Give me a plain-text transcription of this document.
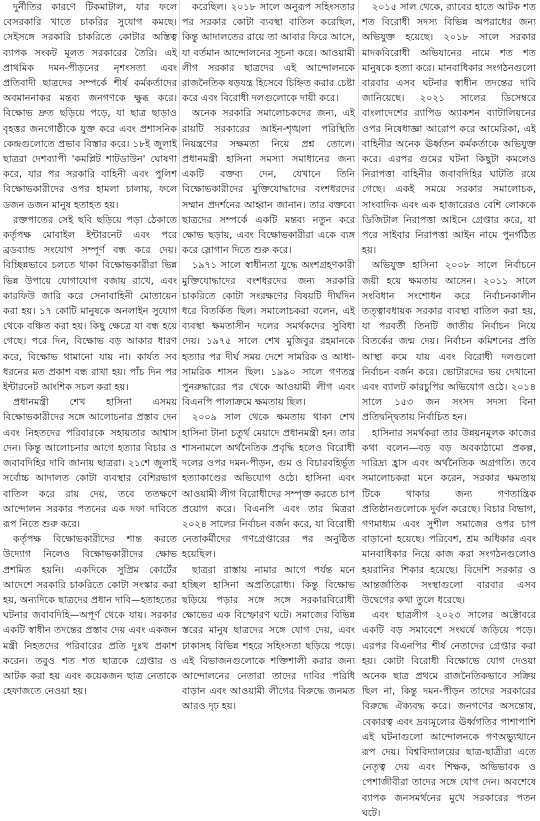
দুর্নীতির কারণে টিকমাটাল, যার ফলে বেসরকারি খাতে চাকরির সুযোগ কমছে। সেইসঙ্গে সরকারি চাকরিতে কোটার অস্তিত্ব ব্যাপক সংকট মূলত সরকারের তৈরি। এই প্রাথমিক দমন-পীড়নের নৃশংসতা এবং প্রতিবাদী ছাত্রদের সম্পর্কে শীর্ষ কর্মকর্তাদের অবমাননাকর মন্তব্য জনগণকে ক্ষুব্ধ করে। বিক্ষোভ দ্রুত ছড়িয়ে পড়ে, যা ছাত্র ছাড়াও বৃহত্তর জনগোষ্ঠীকে যুক্ত করে এবং প্রশাসনিক কেন্দ্রগুলোতে প্রভাব বিস্তার করে। ১৮ই জুলাই ছাত্ররা দেশব্যাপী 'কমপ্লিট শাটডাউন' ঘোষণা করে, যার পর সরকারি বাহিনী এবং পুলিশ বিক্ষোভকারীদের ওপর হামলা চালায়, ফলে ডজন ডজন মানুষ হতাহত হয়।

রক্তপাতের সেই ছবি ছড়িয়ে পড়া ঠেকাতে কর্তৃপক্ষ মোবাইল ইন্টারনেট এবং পরে ব্রডব্যান্ড সংযোগ সম্পূর্ণ বন্ধ করে দেয়। বিচ্ছিন্নভাবে চলতে থাকা বিক্ষোভকারীরা ভিন্ন ভিন্ন উপায়ে যোগাযোগ বজায় রাখে, এবং কারফিউ জারি করে সেনাবাহিনী মোতায়েন করা হয়। ১৭ কোটি মানুষকে অনলাইন সুযোগ থেকে বঞ্চিত করা হয়। কিছু ক্ষেত্রে যা বন্ধ হয়ে গেছে। পরে দিন, বিক্ষোভ বড় আকার ধারণ করে, বিক্ষোভ থামানো যায় না। কার্যত সব ধরনের মত প্রকাশ বন্ধ রাখা হয়। পাঁচ দিন পর ইন্টারনেট আংশিক সচল করা হয়।

প্রধানমন্ত্রী শেখ হাসিনা এসময় বিক্ষোভকারীদের সঙ্গে আলোচনার প্রস্তাব দেন এবং নিহতদের পরিবারকে সহায়তার আশ্বাস দেন। কিন্তু আলোচনার আগে হত্যার বিচার ও জবাবদিহির দাবি জানায় ছাত্ররা। ২১শে জুলাই সর্বোচ্চ আদালত কোটা ব্যবস্থার বেশিরভাগ বাতিল করে রায় দেয়, তবে ততক্ষণে আন্দোলন সরকার পতনের এক দফা দাবিতে রূপ নিতে শুরু করে।

কর্তৃপক্ষ বিক্ষোভকারীদের শান্ত করতে উদ্যোগ নিলেও বিক্ষোভকারীদের ক্ষোভ প্রশমিত হয়নি। একদিকে সুপ্রিম কোর্টের আদেশে সরকারি চাকরিতে কোটা সংস্কার করা হয়, অন্যদিকে ছাত্রদের প্রধান দাবি—হতাহতের ঘটনার জবাবদিহি—অপূর্ণ থেকে যায়। সরকার একটি স্বাধীন তদন্তের প্রস্তাব দেয় এবং একজন মন্ত্রী নিহতদের পরিবারের প্রতি দুঃখ প্রকাশ করেন। তবুও শত শত ছাত্রকে গ্রেপ্তার ও আটক করা হয় এবং কয়েকজন ছাত্র নেতাকে হেফাজতে নেওয়া হয়।

করেছিল। ২০১৮ সালে অনুরূপ সহিংসতার পর সরকার কোটা ব্যবস্থা বাতিল করেছিল, কিন্তু আদালতের রায়ে তা আবার ফিরে আসে, যা বর্তমান আন্দোলনের সূচনা করে। আওয়ামী লীগ সরকার ছাত্রদের এই আন্দোলনকে রাজনৈতিক ষড়যন্ত্র হিসেবে চিহ্নিত করার চেষ্টা করে এবং বিরোধী দলগুলোকে দায়ী করে।

অনেক সরকারি সমালোচকদের জন্য, এই রায়টি সরকারের আইন-শৃঙ্খলা পরিস্থিতি নিয়ন্ত্রণের সক্ষমতা নিয়ে প্রশ্ন তোলে। প্রধানমন্ত্রী হাসিনা সমস্যা সমাধানের জন্য একটি বক্তব্য দেন, যেখানে তিনি বিক্ষোভকারীদের মুক্তিযোদ্ধাদের বংশধরদের সম্মান প্রদর্শনের আহ্বান জানান। তার বক্তব্যে ছাত্রদের সম্পর্কে একটি মন্তব্য নতুন করে ক্ষোভ ছড়ায়, এবং বিক্ষোভকারীরা একে ব্যঙ্গ করে স্লোগান দিতে শুরু করে।

১৯৭১ সালে স্বাধীনতা যুদ্ধে অংশগ্রহণকারী মুক্তিযোদ্ধাদের বংশধরদের জন্য সরকারি চাকরিতে কোটা সংরক্ষণের বিষয়টি দীর্ঘদিন ধরে বিতর্কিত ছিল। সমালোচকরা বলেন, এই ব্যবস্থা ক্ষমতাসীন দলের সমর্থকদের সুবিধা দেয়। ১৯৭৫ সালে শেখ মুজিবুর রহমানকে হত্যার পর দীর্ঘ সময় দেশে সামরিক ও আধা-সামরিক শাসন ছিল। ১৯৯০ সালে গণতন্ত্র পুনরুদ্ধারের পর থেকে আওয়ামী লীগ এবং বিএনপি পালাক্রমে ক্ষমতায় ছিল।

২০০৯ সাল থেকে ক্ষমতায় থাকা শেখ হাসিনা টানা চতুর্থ মেয়াদে প্রধানমন্ত্রী হন। তার শাসনামলে অর্থনৈতিক প্রবৃদ্ধি হলেও বিরোধী দলের ওপর দমন-পীড়ন, গুম ও বিচারবহির্ভূত হত্যাকাণ্ডের অভিযোগ ওঠে। হাসিনা এবং আওয়ামী লীগ বিরোধীদের সম্পৃক্ত করতে চাপ প্রয়োগ করে। বিএনপি এবং তার মিত্ররা ২০২৪ সালের নির্বাচন বর্জন করে, যা বিরোধী নেতাকর্মীদের গণগ্রেপ্তারের পর অনুষ্ঠিত হয়েছিল।

ছাত্ররা রাস্তায় নামার আগে পর্যন্ত মনে হচ্ছিল হাসিনা অপ্রতিরোধ্য। কিন্তু বিক্ষোভ ছড়িয়ে পড়ার সঙ্গে সঙ্গে সরকারবিরোধী ক্ষোভের এক বিস্ফোরণ ঘটে। সমাজের বিভিন্ন স্তরের মানুষ ছাত্রদের সঙ্গে যোগ দেয়, এবং ঢাকাসহ বিভিন্ন শহরে সহিংসতা ছড়িয়ে পড়ে। এই বিভাজনগুলোকে শক্তিশালী করার জন্য আন্দোলনের নেতারা তাদের দাবির পরিধি বাড়ান এবং আওয়ামী লীগের বিরুদ্ধে জনমত আরও দৃঢ় হয়।

২০১৫ সাল থেকে, র‍্যাবের হাতে আটক শত শত বিরোধী সদস্য বিভিন্ন অপরাধের জন্য অভিযুক্ত হয়েছে। ২০১৮ সালে সরকার মাদকবিরোধী অভিযানের নামে শত শত মানুষকে হত্যা করে। মানবাধিকার সংগঠনগুলো বারবার এসব ঘটনার স্বাধীন তদন্তের দাবি জানিয়েছে। ২০২১ সালের ডিসেম্বরে বাংলাদেশের র‍্যাপিড অ্যাকশন ব্যাটালিয়নের ওপর নিষেধাজ্ঞা আরোপ করে আমেরিকা, এই বাহিনীর অনেক ঊর্ধ্বতন কর্মকর্তাকে অভিযুক্ত করে। এরপর গুমের ঘটনা কিছুটা কমলেও নিরাপত্তা বাহিনীর জবাবদিহির ঘাটতি রয়ে গেছে। একই সময়ে সরকার সমালোচক, সাংবাদিক এবং এক হাজারেরও বেশি লোককে ডিজিটাল নিরাপত্তা আইনে গ্রেপ্তার করে, যা পরে সাইবার নিরাপত্তা আইন নামে পুনর্গঠিত হয়।

অভিযুক্ত হাসিনা ২০০৮ সালে নির্বাচনে জয়ী হয়ে ক্ষমতায় আসেন। ২০১১ সালে সংবিধান সংশোধন করে নির্বাচনকালীন তত্ত্বাবধায়ক সরকার ব্যবস্থা বাতিল করা হয়, যা পরবর্তী তিনটি জাতীয় নির্বাচন নিয়ে বিতর্কের জন্ম দেয়। নির্বাচন কমিশনের প্রতি আস্থা কমে যায় এবং বিরোধী দলগুলো নির্বাচন বর্জন করে। ভোটারদের ভয় দেখানো এবং ব্যালট কারচুপির অভিযোগ ওঠে। ২০১৪ সালে ১৫৩ জন সংসদ সদস্য বিনা প্রতিদ্বন্দ্বিতায় নির্বাচিত হন।

হাসিনার সমর্থকরা তার উন্নয়নমূলক কাজের কথা বলেন—বড় বড় অবকাঠামো প্রকল্প, দারিদ্র্য হ্রাস এবং অর্থনৈতিক অগ্রগতি। তবে সমালোচকরা মনে করেন, সরকার ক্ষমতায় টিকে থাকার জন্য গণতান্ত্রিক প্রতিষ্ঠানগুলোকে দুর্বল করেছে। বিচার বিভাগ, গণমাধ্যম এবং সুশীল সমাজের ওপর চাপ বাড়ানো হয়েছে। পরিবেশ, শ্রম অধিকার এবং মানবাধিকার নিয়ে কাজ করা সংগঠনগুলোও হয়রানির শিকার হয়েছে। বিদেশি সরকার ও আন্তর্জাতিক সংস্থাগুলো বারবার এসব উদ্বেগের কথা তুলে ধরেছে।

এবং ছাত্রলীগ ২০২৩ সালের অক্টোবরে একটি বড় সমাবেশে সংঘর্ষে জড়িয়ে পড়ে। এরপর বিএনপির শীর্ষ নেতাদের গ্রেপ্তার করা হয়। কোটা বিরোধী বিক্ষোভে যোগ দেওয়া অনেক ছাত্র প্রথমে রাজনৈতিকভাবে সক্রিয় ছিল না, কিন্তু দমন-পীড়ন তাদের সরকারের বিরুদ্ধে ঐক্যবদ্ধ করে। জনগণের অসন্তোষ, বেকারত্ব এবং দ্রব্যমূল্যের ঊর্ধ্বগতির পাশাপাশি এই ঘটনাগুলো আন্দোলনকে গণঅভ্যুত্থানে রূপ দেয়। বিশ্ববিদ্যালয়ের ছাত্র-ছাত্রীরা এতে নেতৃত্ব দেয় এবং শিক্ষক, অভিভাবক ও পেশাজীবীরা তাদের সঙ্গে যোগ দেন। অবশেষে ব্যাপক জনসমর্থনের মুখে সরকারের পতন ঘটে।
